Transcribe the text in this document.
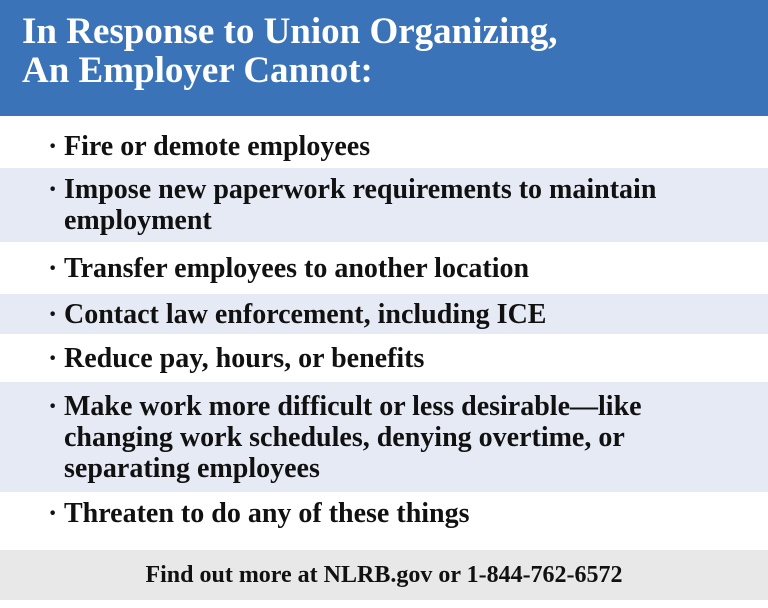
In Response to Union Organizing,
An Employer Cannot:
· Fire or demote employees
· Impose new paperwork requirements to maintain
employment
· Transfer employees to another location
· Contact law enforcement, including ICE
· Reduce pay, hours, or benefits
· Make work more difficult or less desirable—like
changing work schedules, denying overtime, or
separating employees
· Threaten to do any of these things
Find out more at NLRB.gov or 1-844-762-6572
